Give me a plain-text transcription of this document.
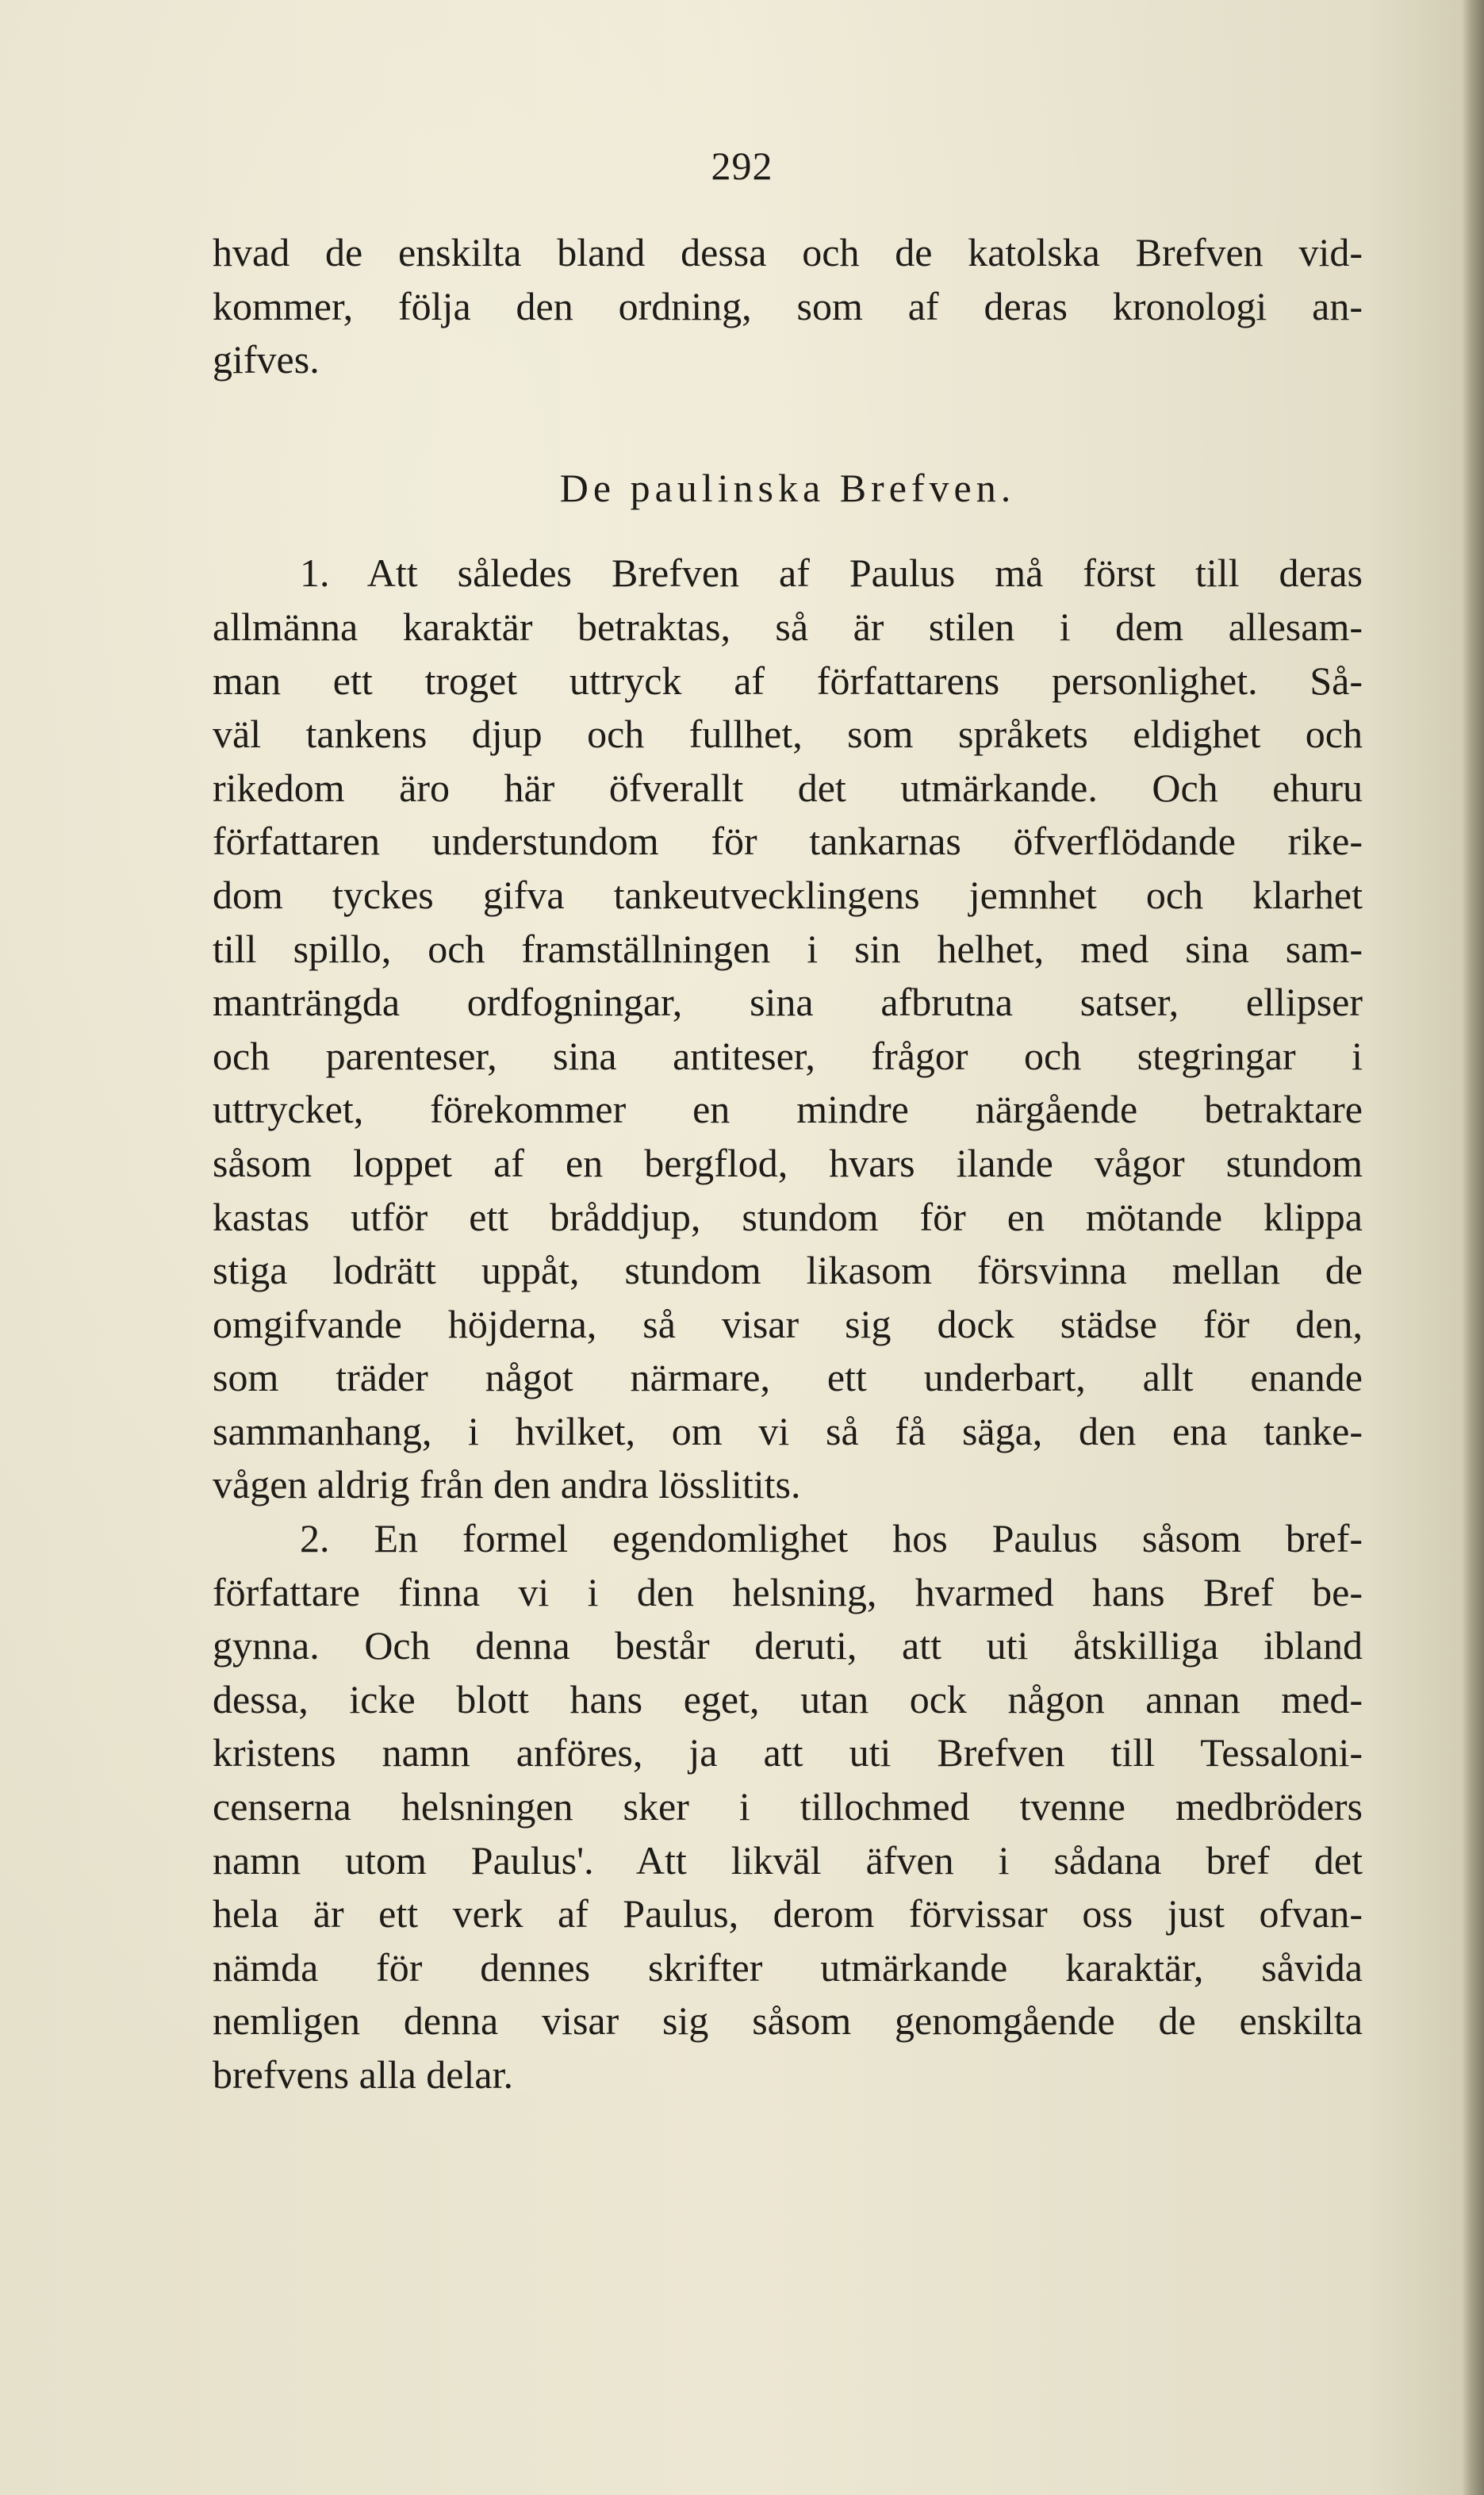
292

hvad de enskilta bland dessa och de katolska Brefven vid-
kommer, följa den ordning, som af deras kronologi an-
gifves.
De paulinska Brefven.
1. Att således Brefven af Paulus må först till deras
allmänna karaktär betraktas, så är stilen i dem allesam-
man ett troget uttryck af författarens personlighet. Så-
väl tankens djup och fullhet, som språkets eldighet och
rikedom äro här öfverallt det utmärkande. Och ehuru
författaren understundom för tankarnas öfverflödande rike-
dom tyckes gifva tankeutvecklingens jemnhet och klarhet
till spillo, och framställningen i sin helhet, med sina sam-
manträngda ordfogningar, sina afbrutna satser, ellipser
och parenteser, sina antiteser, frågor och stegringar i
uttrycket, förekommer en mindre närgående betraktare
såsom loppet af en bergflod, hvars ilande vågor stundom
kastas utför ett bråddjup, stundom för en mötande klippa
stiga lodrätt uppåt, stundom likasom försvinna mellan de
omgifvande höjderna, så visar sig dock städse för den,
som träder något närmare, ett underbart, allt enande
sammanhang, i hvilket, om vi så få säga, den ena tanke-
vågen aldrig från den andra lösslitits.
2. En formel egendomlighet hos Paulus såsom bref-
författare finna vi i den helsning, hvarmed hans Bref be-
gynna. Och denna består deruti, att uti åtskilliga ibland
dessa, icke blott hans eget, utan ock någon annan med-
kristens namn anföres, ja att uti Brefven till Tessaloni-
censerna helsningen sker i tillochmed tvenne medbröders
namn utom Paulus'. Att likväl äfven i sådana bref det
hela är ett verk af Paulus, derom förvissar oss just ofvan-
nämda för dennes skrifter utmärkande karaktär, såvida
nemligen denna visar sig såsom genomgående de enskilta
brefvens alla delar.
